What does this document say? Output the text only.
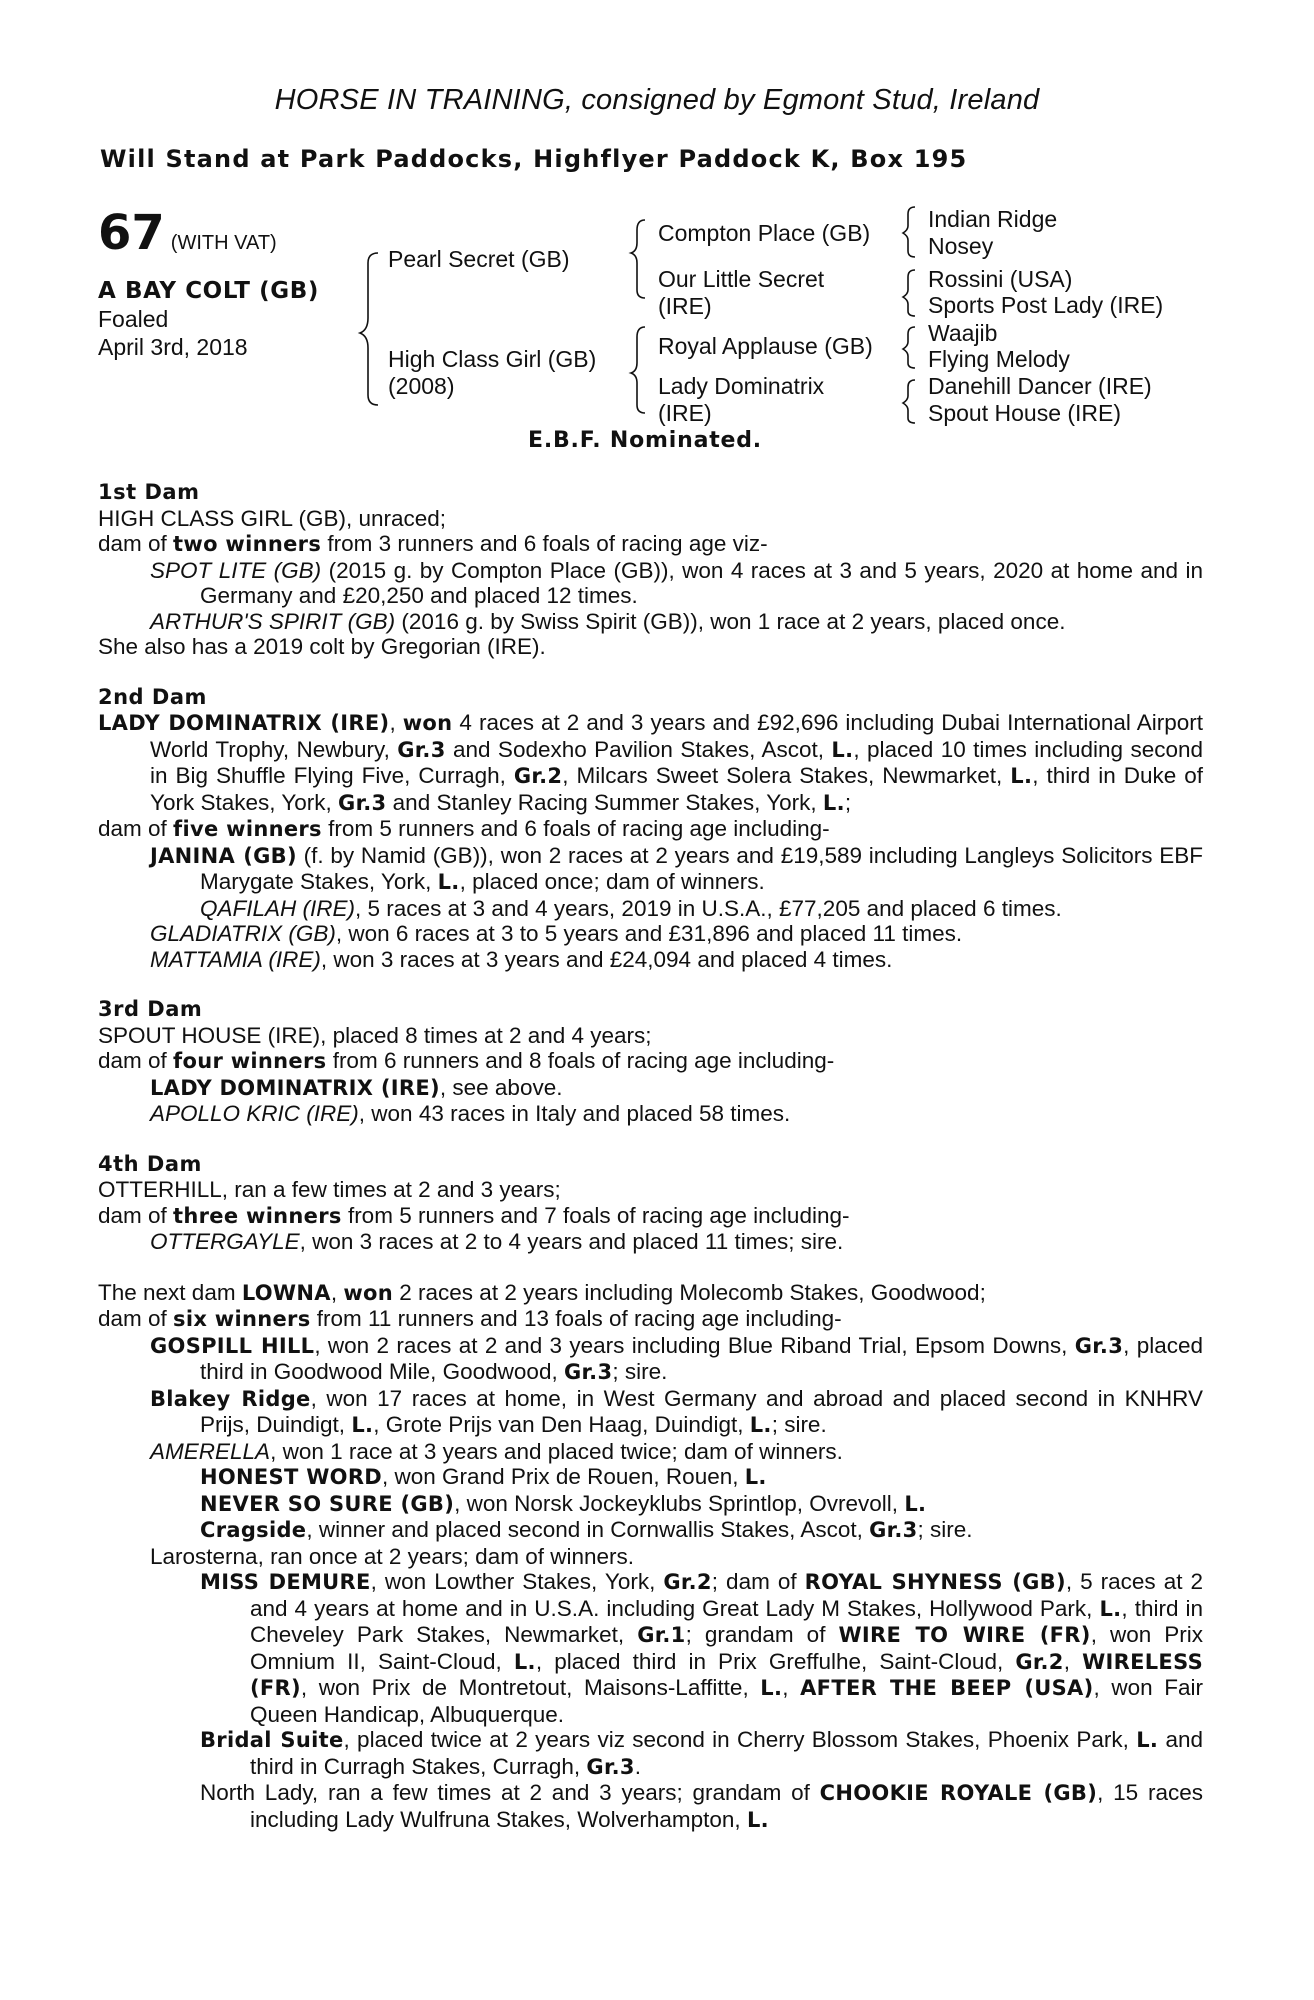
HORSE IN TRAINING, consigned by Egmont Stud, Ireland
Will Stand at Park Paddocks, Highflyer Paddock K, Box 195
67 (WITH VAT)
A BAY COLT (GB)
Foaled
April 3rd, 2018
Pearl Secret (GB)
High Class Girl (GB)
(2008)
Compton Place (GB)
Our Little Secret
(IRE)
Royal Applause (GB)
Lady Dominatrix
(IRE)
Indian Ridge
Nosey
Rossini (USA)
Sports Post Lady (IRE)
Waajib
Flying Melody
Danehill Dancer (IRE)
Spout House (IRE)
E.B.F. Nominated.
1st Dam
HIGH CLASS GIRL (GB), unraced;
dam of two winners from 3 runners and 6 foals of racing age viz-
SPOT LITE (GB) (2015 g. by Compton Place (GB)), won 4 races at 3 and 5 years, 2020 at home and in Germany and £20,250 and placed 12 times.
ARTHUR'S SPIRIT (GB) (2016 g. by Swiss Spirit (GB)), won 1 race at 2 years, placed once.
She also has a 2019 colt by Gregorian (IRE).
2nd Dam
LADY DOMINATRIX (IRE), won 4 races at 2 and 3 years and £92,696 including Dubai International Airport World Trophy, Newbury, Gr.3 and Sodexho Pavilion Stakes, Ascot, L., placed 10 times including second in Big Shuffle Flying Five, Curragh, Gr.2, Milcars Sweet Solera Stakes, Newmarket, L., third in Duke of York Stakes, York, Gr.3 and Stanley Racing Summer Stakes, York, L.;
dam of five winners from 5 runners and 6 foals of racing age including-
JANINA (GB) (f. by Namid (GB)), won 2 races at 2 years and £19,589 including Langleys Solicitors EBF Marygate Stakes, York, L., placed once; dam of winners.
QAFILAH (IRE), 5 races at 3 and 4 years, 2019 in U.S.A., £77,205 and placed 6 times.
GLADIATRIX (GB), won 6 races at 3 to 5 years and £31,896 and placed 11 times.
MATTAMIA (IRE), won 3 races at 3 years and £24,094 and placed 4 times.
3rd Dam
SPOUT HOUSE (IRE), placed 8 times at 2 and 4 years;
dam of four winners from 6 runners and 8 foals of racing age including-
LADY DOMINATRIX (IRE), see above.
APOLLO KRIC (IRE), won 43 races in Italy and placed 58 times.
4th Dam
OTTERHILL, ran a few times at 2 and 3 years;
dam of three winners from 5 runners and 7 foals of racing age including-
OTTERGAYLE, won 3 races at 2 to 4 years and placed 11 times; sire.
The next dam LOWNA, won 2 races at 2 years including Molecomb Stakes, Goodwood;
dam of six winners from 11 runners and 13 foals of racing age including-
GOSPILL HILL, won 2 races at 2 and 3 years including Blue Riband Trial, Epsom Downs, Gr.3, placed third in Goodwood Mile, Goodwood, Gr.3; sire.
Blakey Ridge, won 17 races at home, in West Germany and abroad and placed second in KNHRV Prijs, Duindigt, L., Grote Prijs van Den Haag, Duindigt, L.; sire.
AMERELLA, won 1 race at 3 years and placed twice; dam of winners.
HONEST WORD, won Grand Prix de Rouen, Rouen, L.
NEVER SO SURE (GB), won Norsk Jockeyklubs Sprintlop, Ovrevoll, L.
Cragside, winner and placed second in Cornwallis Stakes, Ascot, Gr.3; sire.
Larosterna, ran once at 2 years; dam of winners.
MISS DEMURE, won Lowther Stakes, York, Gr.2; dam of ROYAL SHYNESS (GB), 5 races at 2 and 4 years at home and in U.S.A. including Great Lady M Stakes, Hollywood Park, L., third in Cheveley Park Stakes, Newmarket, Gr.1; grandam of WIRE TO WIRE (FR), won Prix Omnium II, Saint-Cloud, L., placed third in Prix Greffulhe, Saint-Cloud, Gr.2, WIRELESS (FR), won Prix de Montretout, Maisons-Laffitte, L., AFTER THE BEEP (USA), won Fair Queen Handicap, Albuquerque.
Bridal Suite, placed twice at 2 years viz second in Cherry Blossom Stakes, Phoenix Park, L. and third in Curragh Stakes, Curragh, Gr.3.
North Lady, ran a few times at 2 and 3 years; grandam of CHOOKIE ROYALE (GB), 15 races including Lady Wulfruna Stakes, Wolverhampton, L.
